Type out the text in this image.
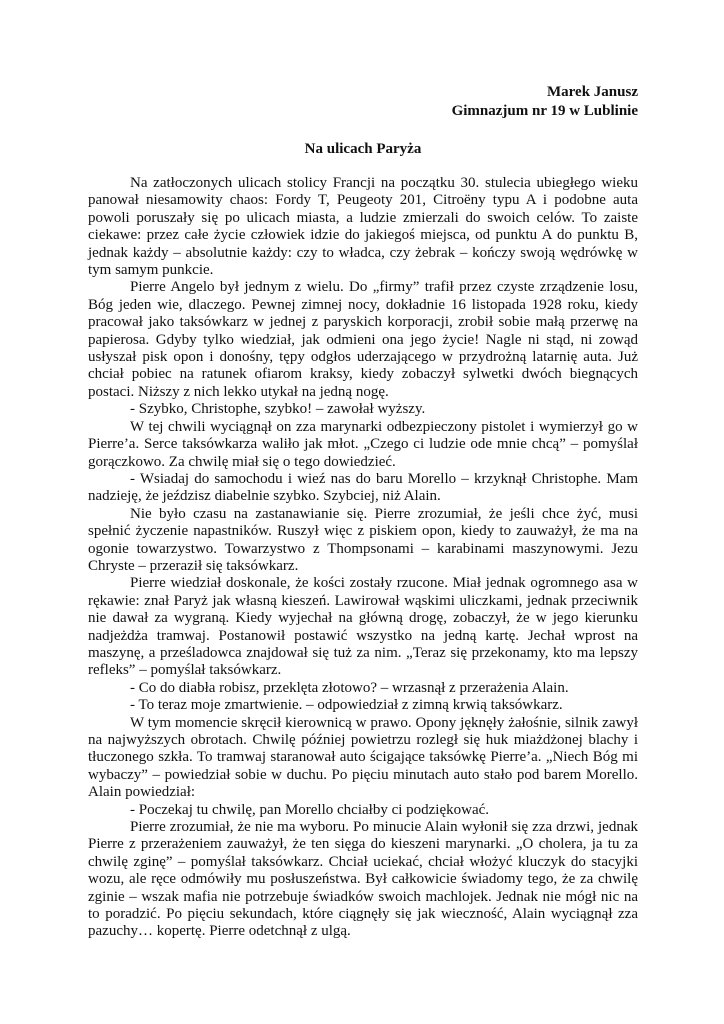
Marek Janusz
Gimnazjum nr 19 w Lublinie
Na ulicach Paryża

Na zatłoczonych ulicach stolicy Francji na początku 30. stulecia ubiegłego wieku panował niesamowity chaos: Fordy T, Peugeoty 201, Citroëny typu A i podobne auta powoli poruszały się po ulicach miasta, a ludzie zmierzali do swoich celów. To zaiste ciekawe: przez całe życie człowiek idzie do jakiegoś miejsca, od punktu A do punktu B, jednak każdy – absolutnie każdy: czy to władca, czy żebrak – kończy swoją wędrówkę w tym samym punkcie.

Pierre Angelo był jednym z wielu. Do „firmy” trafił przez czyste zrządzenie losu, Bóg jeden wie, dlaczego. Pewnej zimnej nocy, dokładnie 16 listopada 1928 roku, kiedy pracował jako taksówkarz w jednej z paryskich korporacji, zrobił sobie małą przerwę na papierosa. Gdyby tylko wiedział, jak odmieni ona jego życie! Nagle ni stąd, ni zowąd usłyszał pisk opon i donośny, tępy odgłos uderzającego w przydrożną latarnię auta. Już chciał pobiec na ratunek ofiarom kraksy, kiedy zobaczył sylwetki dwóch biegnących postaci. Niższy z nich lekko utykał na jedną nogę.

- Szybko, Christophe, szybko! – zawołał wyższy.

W tej chwili wyciągnął on zza marynarki odbezpieczony pistolet i wymierzył go w Pierre’a. Serce taksówkarza waliło jak młot. „Czego ci ludzie ode mnie chcą” – pomyślał gorączkowo. Za chwilę miał się o tego dowiedzieć.

- Wsiadaj do samochodu i wieź nas do baru Morello – krzyknął Christophe. Mam nadzieję, że jeździsz diabelnie szybko. Szybciej, niż Alain.

Nie było czasu na zastanawianie się. Pierre zrozumiał, że jeśli chce żyć, musi spełnić życzenie napastników. Ruszył więc z piskiem opon, kiedy to zauważył, że ma na ogonie towarzystwo. Towarzystwo z Thompsonami – karabinami maszynowymi. Jezu Chryste – przeraził się taksówkarz.

Pierre wiedział doskonale, że kości zostały rzucone. Miał jednak ogromnego asa w rękawie: znał Paryż jak własną kieszeń. Lawirował wąskimi uliczkami, jednak przeciwnik nie dawał za wygraną. Kiedy wyjechał na główną drogę, zobaczył, że w jego kierunku nadjeżdża tramwaj. Postanowił postawić wszystko na jedną kartę. Jechał wprost na maszynę, a prześladowca znajdował się tuż za nim. „Teraz się przekonamy, kto ma lepszy refleks” – pomyślał taksówkarz.

- Co do diabła robisz, przeklęta złotowo? – wrzasnął z przerażenia Alain.

- To teraz moje zmartwienie. – odpowiedział z zimną krwią taksówkarz.

W tym momencie skręcił kierownicą w prawo. Opony jęknęły żałośnie, silnik zawył na najwyższych obrotach. Chwilę później powietrzu rozległ się huk miażdżonej blachy i tłuczonego szkła. To tramwaj staranował auto ścigające taksówkę Pierre’a. „Niech Bóg mi wybaczy” – powiedział sobie w duchu. Po pięciu minutach auto stało pod barem Morello. Alain powiedział:

- Poczekaj tu chwilę, pan Morello chciałby ci podziękować.

Pierre zrozumiał, że nie ma wyboru. Po minucie Alain wyłonił się zza drzwi, jednak Pierre z przerażeniem zauważył, że ten sięga do kieszeni marynarki. „O cholera, ja tu za chwilę zginę” – pomyślał taksówkarz. Chciał uciekać, chciał włożyć kluczyk do stacyjki wozu, ale ręce odmówiły mu posłuszeństwa. Był całkowicie świadomy tego, że za chwilę zginie – wszak mafia nie potrzebuje świadków swoich machlojek. Jednak nie mógł nic na to poradzić. Po pięciu sekundach, które ciągnęły się jak wieczność, Alain wyciągnął zza pazuchy… kopertę. Pierre odetchnął z ulgą.
